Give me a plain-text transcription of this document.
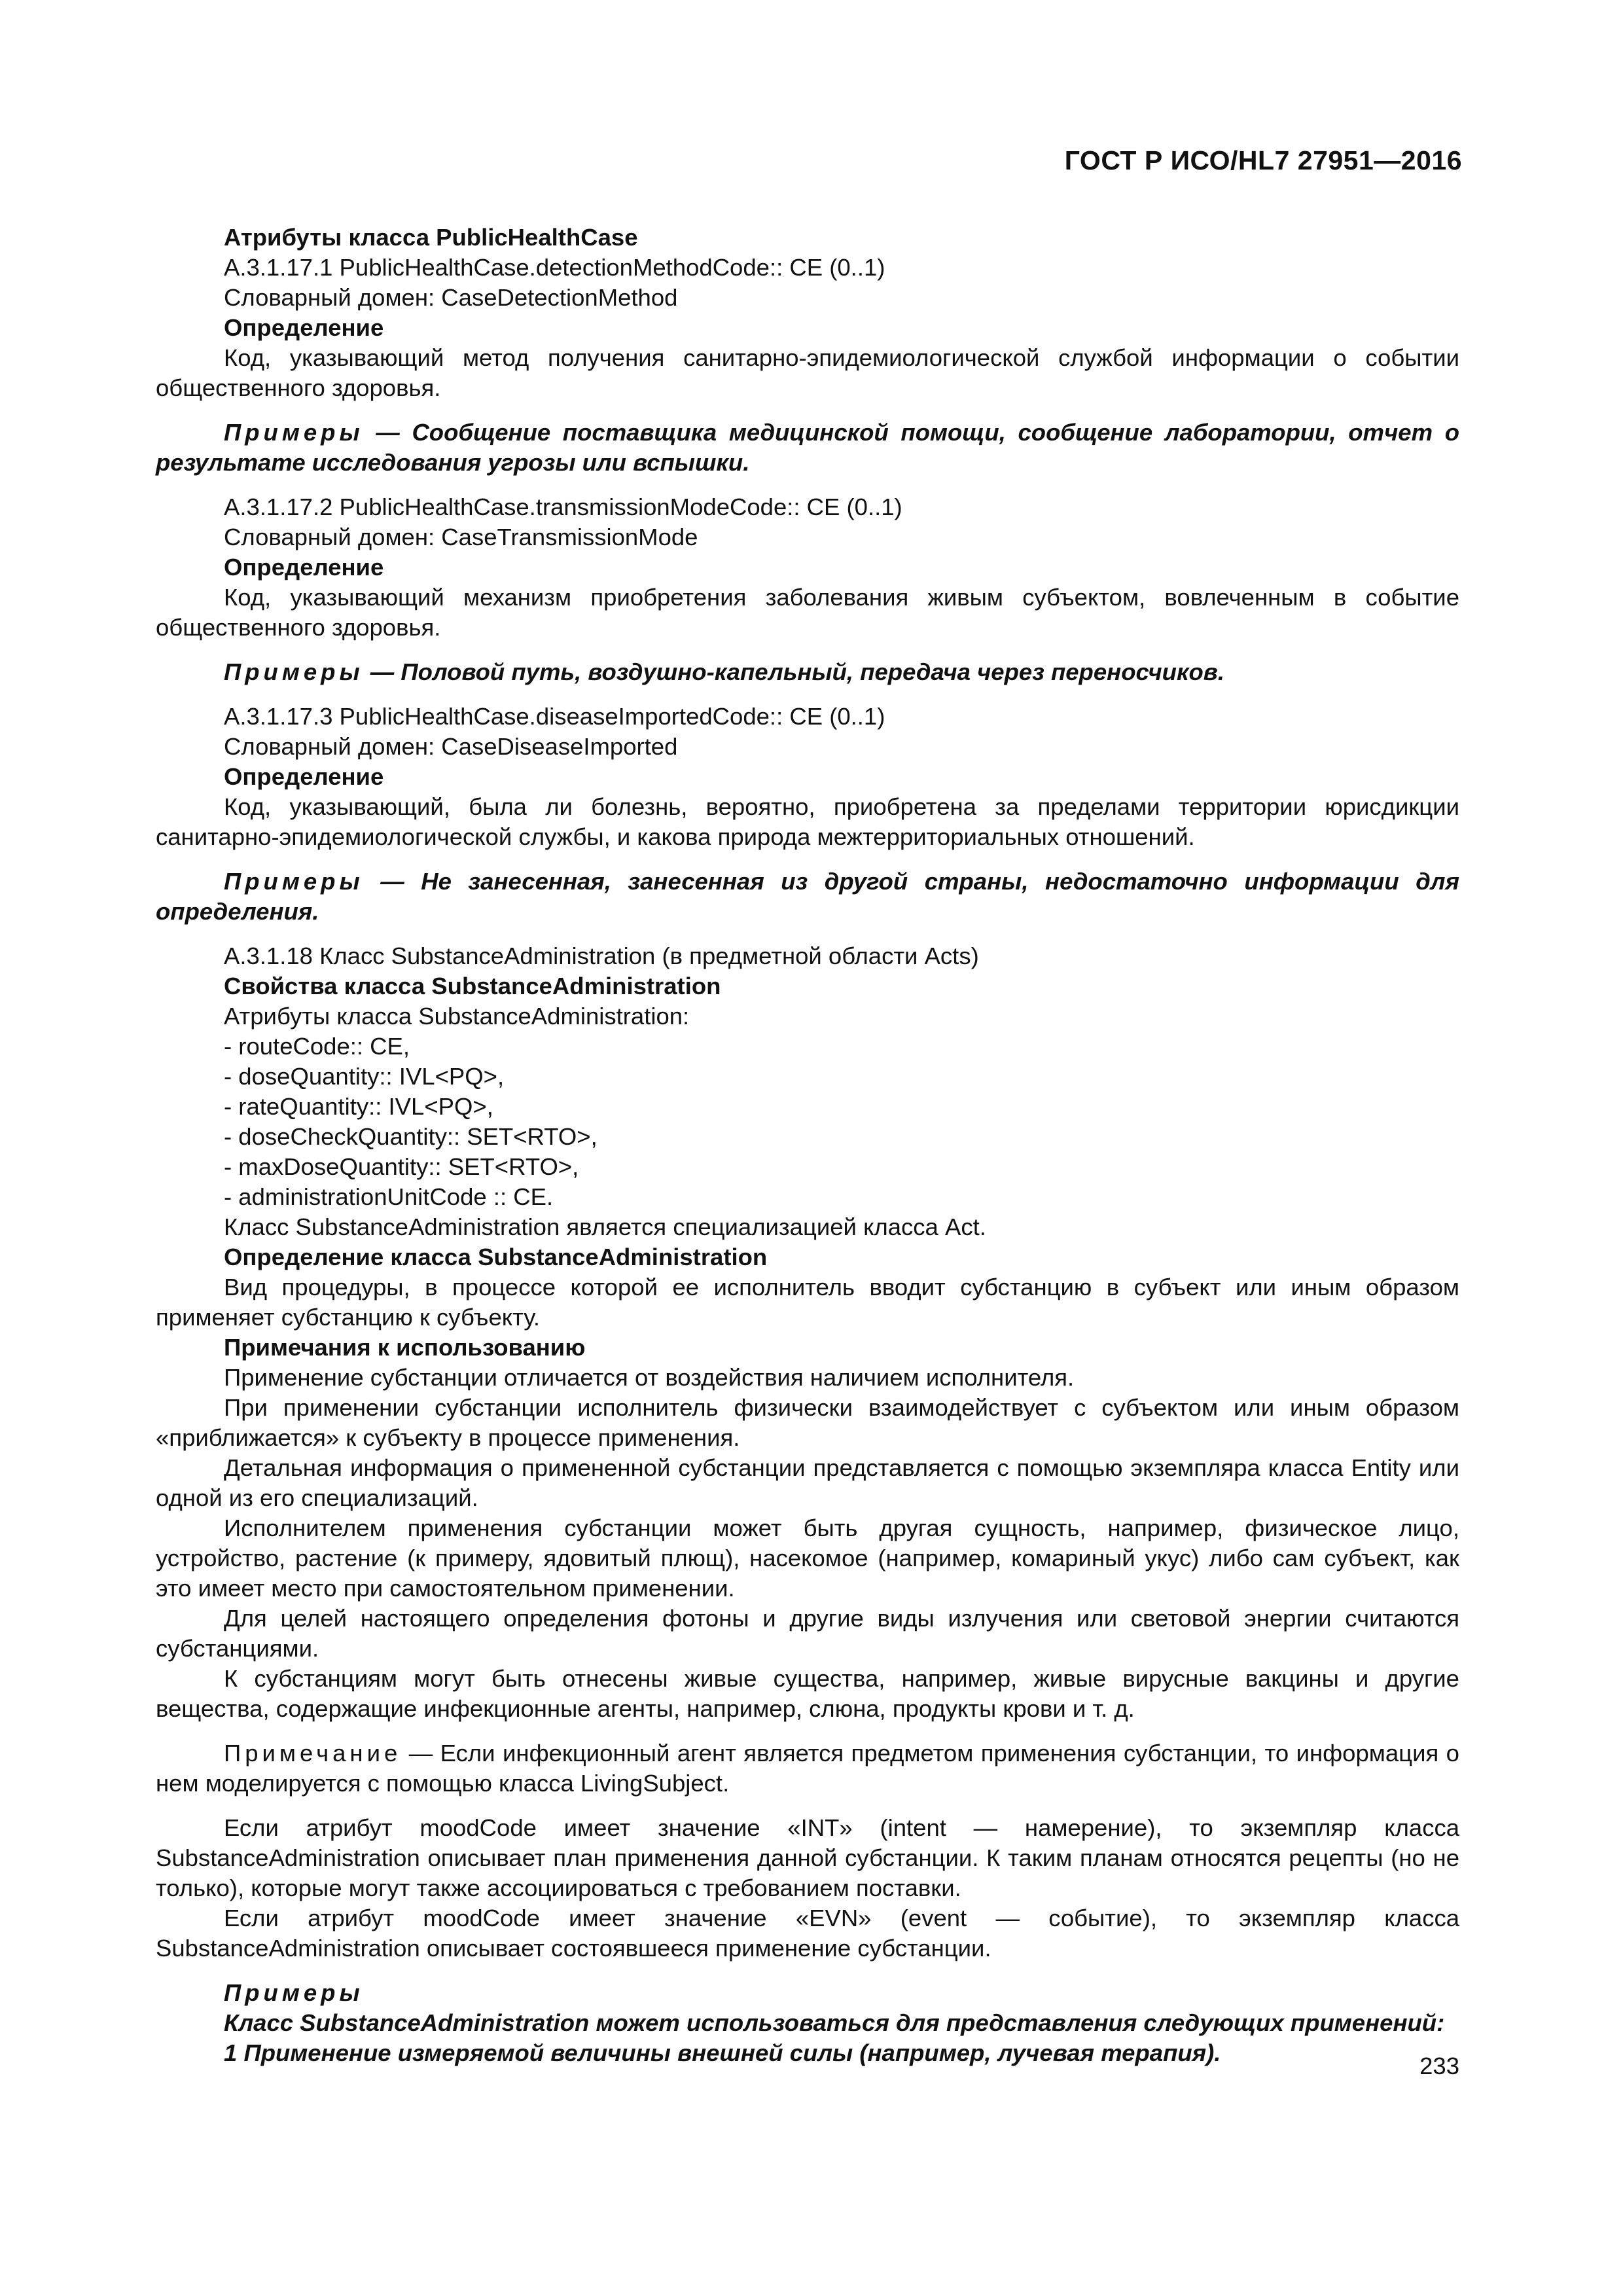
ГОСТ Р ИСО/HL7 27951—2016

Атрибуты класса PublicHealthCase

А.3.1.17.1 PublicHealthCase.detectionMethodCode:: CE (0..1)

Словарный домен: CaseDetectionMethod

Определение

Код, указывающий метод получения санитарно-эпидемиологической службой информации о событии общественного здоровья.

Примеры — Сообщение поставщика медицинской помощи, сообщение лаборатории, отчет о результате исследования угрозы или вспышки.

А.3.1.17.2 PublicHealthCase.transmissionModeCode:: CE (0..1)

Словарный домен: CaseTransmissionMode

Определение

Код, указывающий механизм приобретения заболевания живым субъектом, вовлеченным в событие общественного здоровья.

Примеры — Половой путь, воздушно-капельный, передача через переносчиков.

А.3.1.17.3 PublicHealthCase.diseaseImportedCode:: CE (0..1)

Словарный домен: CaseDiseaseImported

Определение

Код, указывающий, была ли болезнь, вероятно, приобретена за пределами территории юрисдикции санитарно-эпидемиологической службы, и какова природа межтерриториальных отношений.

Примеры — Не занесенная, занесенная из другой страны, недостаточно информации для определения.

А.3.1.18 Класс SubstanceAdministration (в предметной области Acts)

Свойства класса SubstanceAdministration

Атрибуты класса SubstanceAdministration:

- routeCode:: CE,

- doseQuantity:: IVL<PQ>,

- rateQuantity:: IVL<PQ>,

- doseCheckQuantity:: SET<RTO>,

- maxDoseQuantity:: SET<RTO>,

- administrationUnitCode :: CE.

Класс SubstanceAdministration является специализацией класса Act.

Определение класса SubstanceAdministration

Вид процедуры, в процессе которой ее исполнитель вводит субстанцию в субъект или иным образом применяет субстанцию к субъекту.

Примечания к использованию

Применение субстанции отличается от воздействия наличием исполнителя.

При применении субстанции исполнитель физически взаимодействует с субъектом или иным образом «приближается» к субъекту в процессе применения.

Детальная информация о примененной субстанции представляется с помощью экземпляра класса Entity или одной из его специализаций.

Исполнителем применения субстанции может быть другая сущность, например, физическое лицо, устройство, растение (к примеру, ядовитый плющ), насекомое (например, комариный укус) либо сам субъект, как это имеет место при самостоятельном применении.

Для целей настоящего определения фотоны и другие виды излучения или световой энергии считаются субстанциями.

К субстанциям могут быть отнесены живые существа, например, живые вирусные вакцины и другие вещества, содержащие инфекционные агенты, например, слюна, продукты крови и т. д.

Примечание — Если инфекционный агент является предметом применения субстанции, то информация о нем моделируется с помощью класса LivingSubject.

Если атрибут moodCode имеет значение «INT» (intent — намерение), то экземпляр класса SubstanceAdministration описывает план применения данной субстанции. К таким планам относятся рецепты (но не только), которые могут также ассоциироваться с требованием поставки.

Если атрибут moodCode имеет значение «EVN» (event — событие), то экземпляр класса SubstanceAdministration описывает состоявшееся применение субстанции.

Примеры

Класс SubstanceAdministration может использоваться для представления следующих применений:

1 Применение измеряемой величины внешней силы (например, лучевая терапия).	233
